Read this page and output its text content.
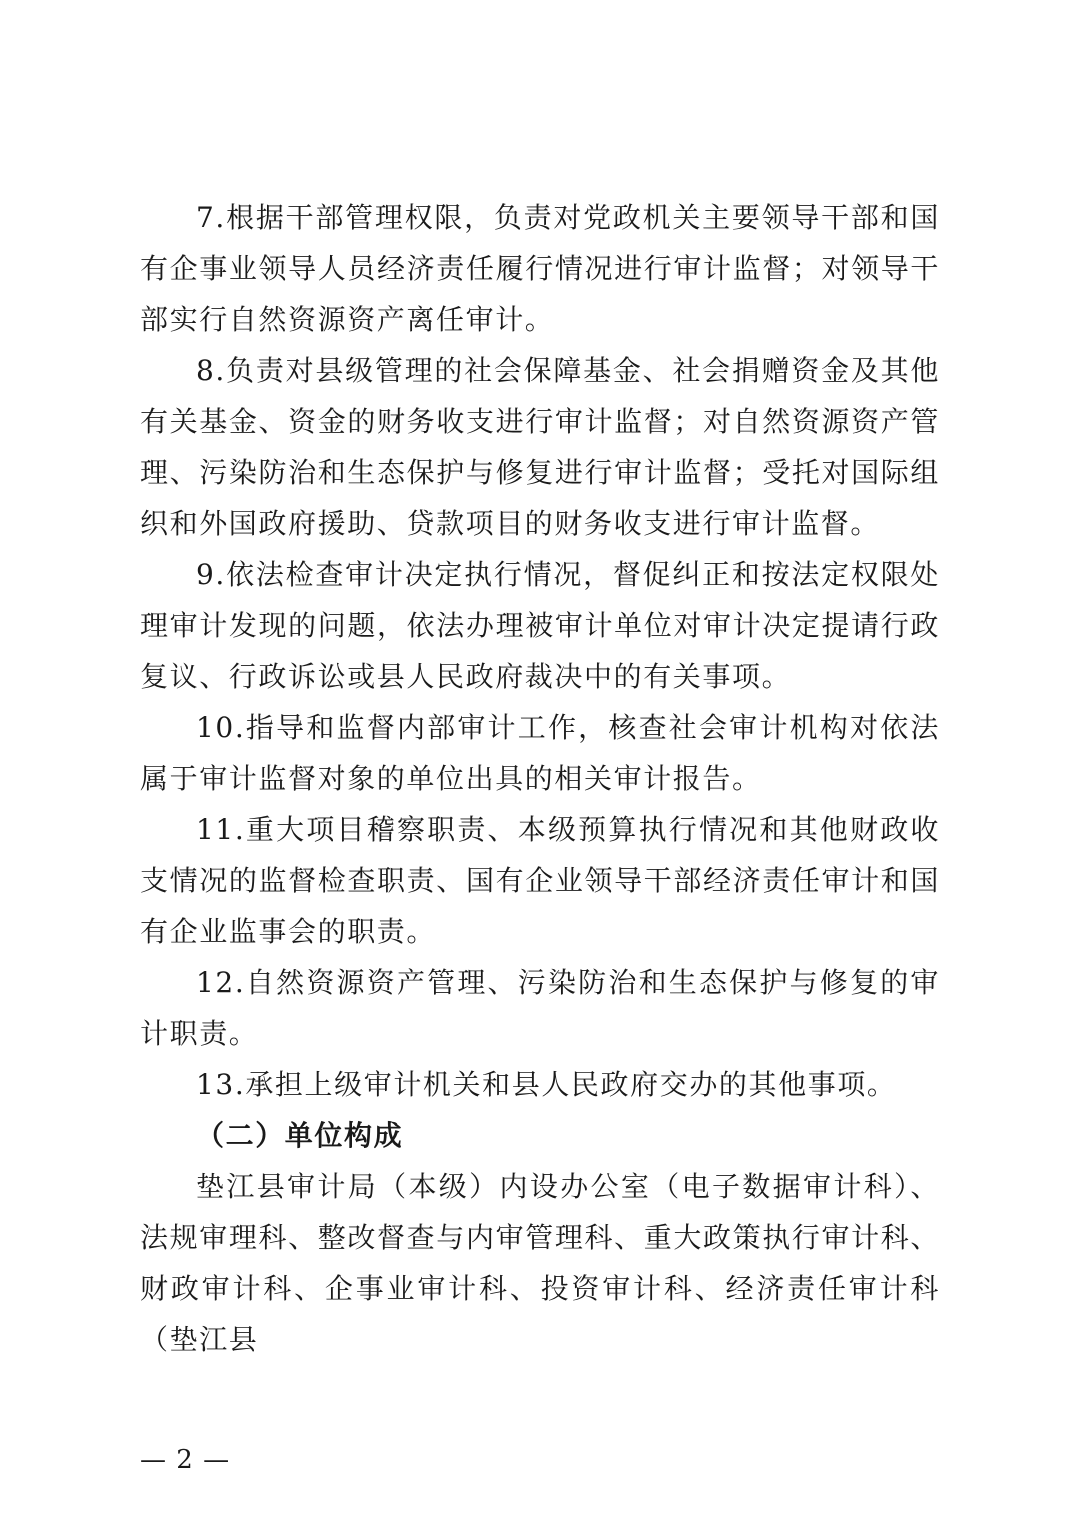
7.根据干部管理权限，负责对党政机关主要领导干部和国有企事业领导人员经济责任履行情况进行审计监督；对领导干部实行自然资源资产离任审计。

8.负责对县级管理的社会保障基金、社会捐赠资金及其他有关基金、资金的财务收支进行审计监督；对自然资源资产管理、污染防治和生态保护与修复进行审计监督；受托对国际组织和外国政府援助、贷款项目的财务收支进行审计监督。

9.依法检查审计决定执行情况，督促纠正和按法定权限处理审计发现的问题，依法办理被审计单位对审计决定提请行政复议、行政诉讼或县人民政府裁决中的有关事项。

10.指导和监督内部审计工作，核查社会审计机构对依法属于审计监督对象的单位出具的相关审计报告。

11.重大项目稽察职责、本级预算执行情况和其他财政收支情况的监督检查职责、国有企业领导干部经济责任审计和国有企业监事会的职责。

12.自然资源资产管理、污染防治和生态保护与修复的审计职责。

13.承担上级审计机关和县人民政府交办的其他事项。

（二）单位构成

垫江县审计局（本级）内设办公室（电子数据审计科）、法规审理科、整改督查与内审管理科、重大政策执行审计科、财政审计科、企事业审计科、投资审计科、经济责任审计科（垫江县

— 2 —
